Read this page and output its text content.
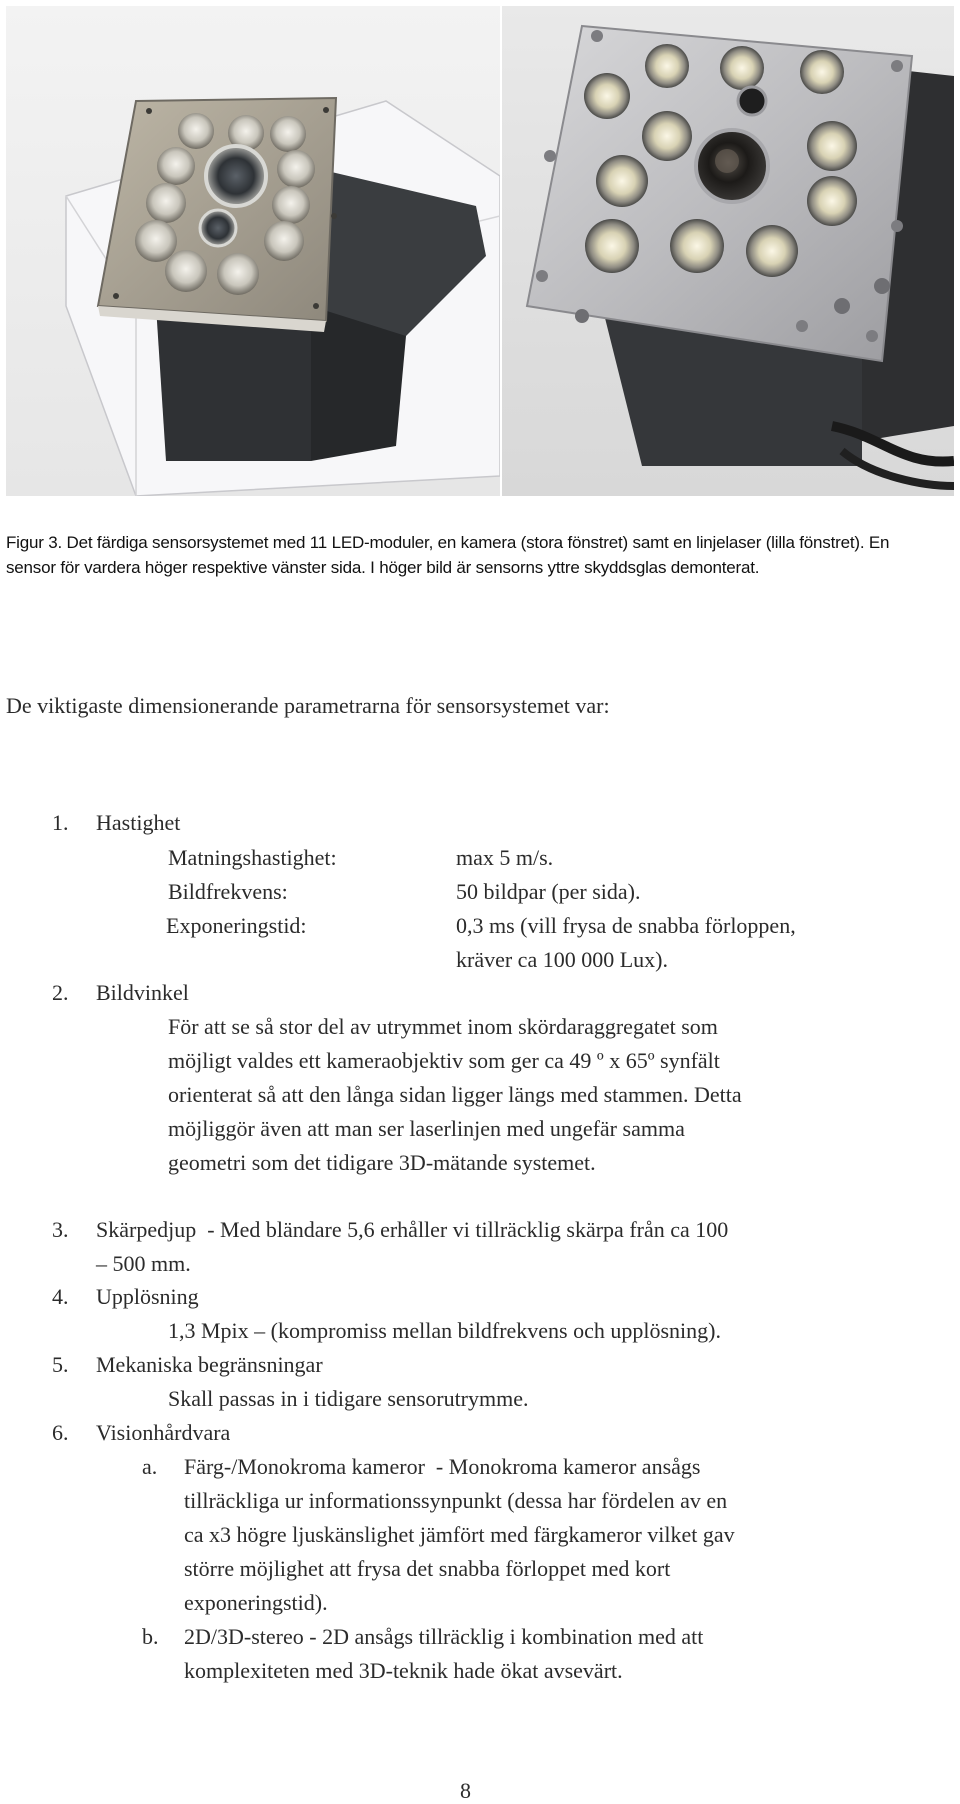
Figur 3. Det färdiga sensorsystemet med 11 LED-moduler, en kamera (stora fönstret) samt en linjelaser (lilla fönstret). En sensor för vardera höger respektive vänster sida. I höger bild är sensorns yttre skyddsglas demonterat.
De viktigaste dimensionerande parametrarna för sensorsystemet var:
1. Hastighet
Matningshastighet:	max 5 m/s.
Bildfrekvens:	50 bildpar (per sida).
Exponeringstid:	0,3 ms (vill frysa de snabba förloppen,
kräver ca 100 000 Lux).
2. Bildvinkel
För att se så stor del av utrymmet inom skördaraggregatet som
möjligt valdes ett kameraobjektiv som ger ca 49 º x 65º synfält
orienterat så att den långa sidan ligger längs med stammen. Detta
möjliggör även att man ser laserlinjen med ungefär samma
geometri som det tidigare 3D-mätande systemet.
3. Skärpedjup  - Med bländare 5,6 erhåller vi tillräcklig skärpa från ca 100
– 500 mm.
4. Upplösning
1,3 Mpix – (kompromiss mellan bildfrekvens och upplösning).
5. Mekaniska begränsningar
Skall passas in i tidigare sensorutrymme.
6. Visionhårdvara
a. Färg-/Monokroma kameror  - Monokroma kameror ansågs
tillräckliga ur informationssynpunkt (dessa har fördelen av en
ca x3 högre ljuskänslighet jämfört med färgkameror vilket gav
större möjlighet att frysa det snabba förloppet med kort
exponeringstid).
b. 2D/3D-stereo - 2D ansågs tillräcklig i kombination med att
komplexiteten med 3D-teknik hade ökat avsevärt.
8
